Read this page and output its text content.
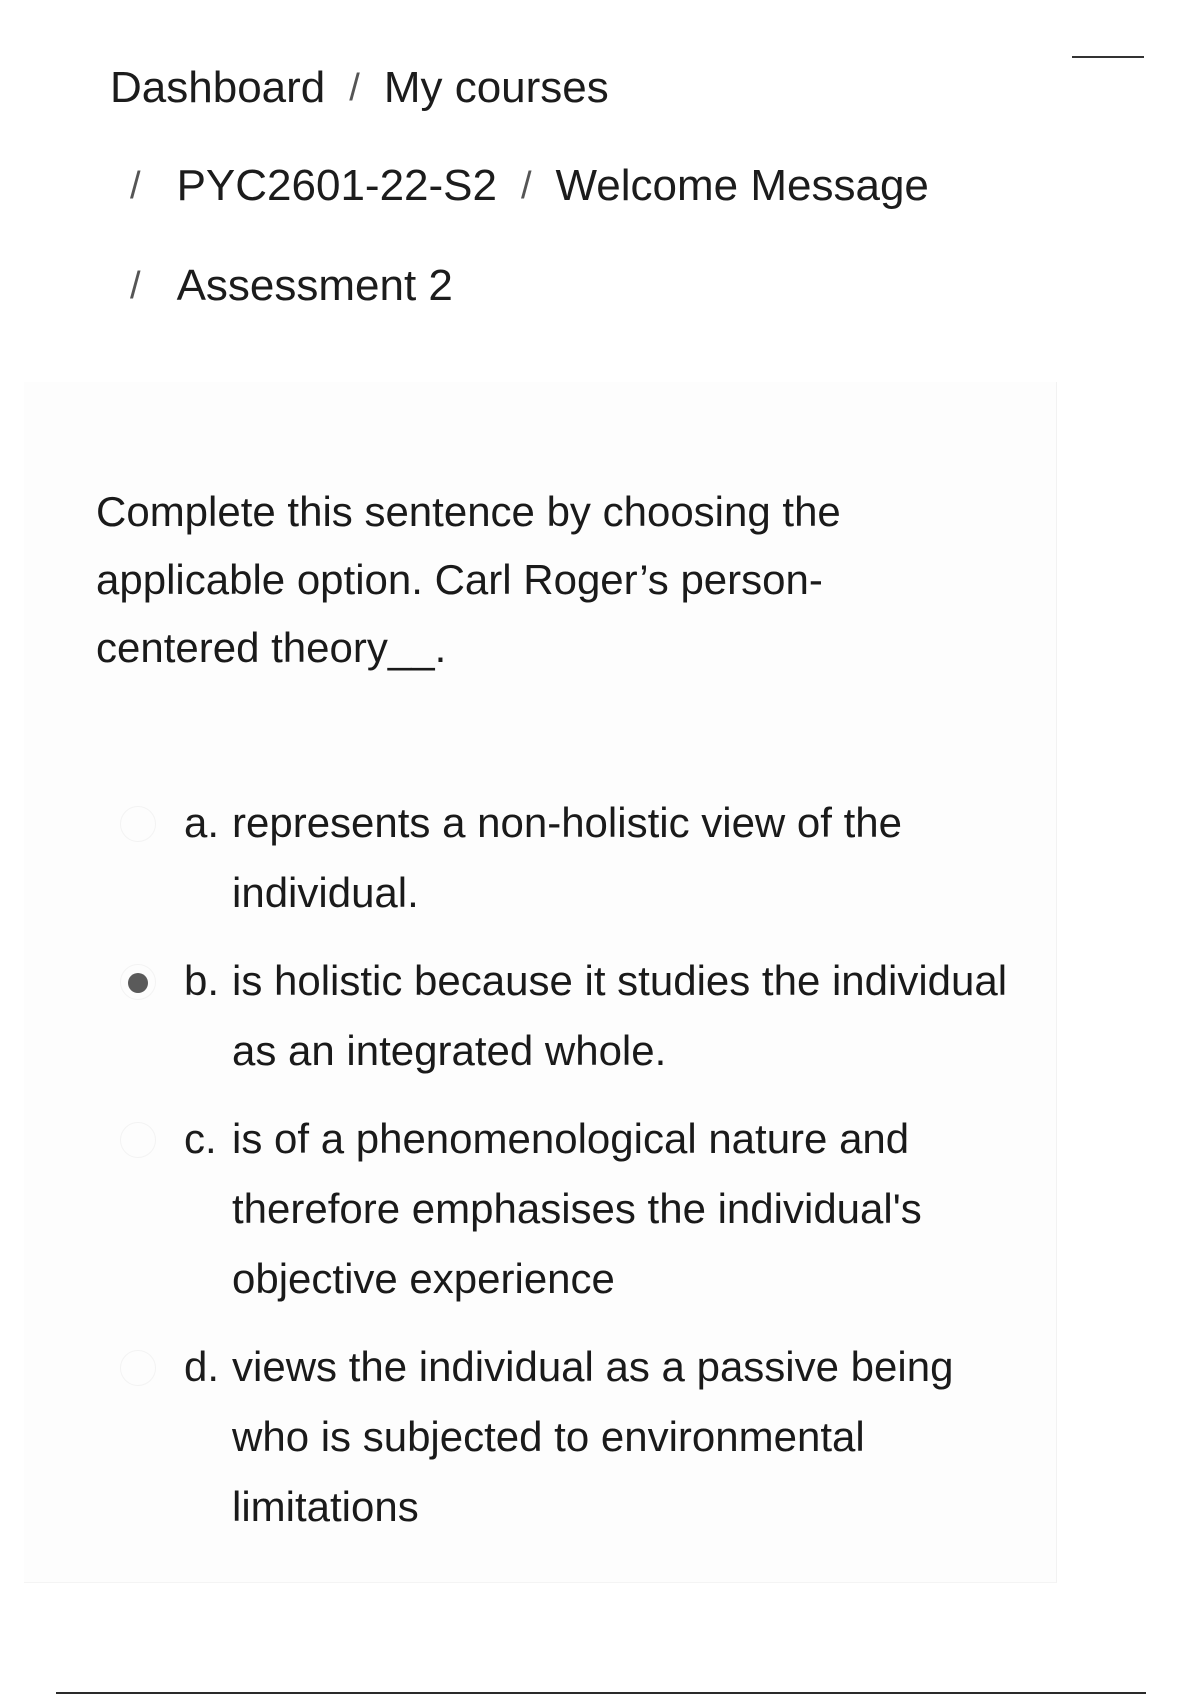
Dashboard / My courses
/ PYC2601-22-S2 / Welcome Message
/ Assessment 2
Complete this sentence by choosing the applicable option. Carl Roger’s person-centered theory__.
a. represents a non-holistic view of the individual.
b. is holistic because it studies the individual as an integrated whole.
c. is of a phenomenological nature and therefore emphasises the individual's objective experience
d. views the individual as a passive being who is subjected to environmental limitations
